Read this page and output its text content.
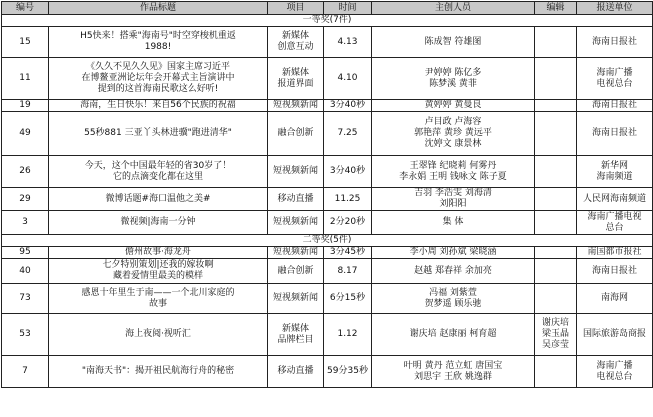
编号	作品标题	项目	时间	主创人员	编辑	报送单位
一等奖(7件)						
15	H5快来！搭乘"海南号"时空穿梭机重返
1988!	新媒体
创意互动	4.13	陈成智 符雄图		海南日报社

11	《久久不见久久见》国家主席习近平
在博鳌亚洲论坛年会开幕式主旨演讲中
提到的这首海南民歌这么好听!	新媒体
报道界面	4.10	尹婷婷 陈亿多
陈梦溪 黄菲		海南广播
电视总台

19	海南，生日快乐！来自56个民族的祝福	短视频新闻	3分40秒	黄婷婷 黄曼良		海南日报社

49	55秒881 三亚丫头林进骥"跑进清华"	融合创新	7.25	卢目政 卢海容
郭艳萍 黄珍 黄远平
沈婷文 康景林		海南日报社

26	今天，这个中国最年轻的省30岁了！
它的点滴变化都在这里	短视频新闻	3分40秒	王翠锋 纪晓莉 何雾丹
李永娟 王明 钱咏文 陈子夏		新华网
海南频道

29	微博话题#海口温他之美#	移动直播	11.25	吉羽 李浩雯 刘海清
刘阳阳		人民网海南频道

3	微视频|海南一分钟	短视频新闻	2分20秒	集 体		海南广播电视
总台

二等奖(5件)						
95	儋州故事·海龙舟	短视频新闻	3分45秒	李小周 刘孙斌 梁晓涵		南国都市报社

40	七夕特别策划|还我的嫁妆啊
藏着爱情里最美的模样	融合创新	8.17	赵越 郑春祥 余加亮		海南日报社

73	感恩十年里生于南——一个北川家庭的
故事	短视频新闻	6分15秒	冯福 刘紫萱
贺梦遥 顾乐驰		南海网

53	海上夜阅·视听汇	新媒体
品牌栏目	1.12	谢庆培 赵康丽 柯育超	谢庆培 梁玉晶 吴彦莹	国际旅游岛商报

7	"南海天书"：揭开祖民航海行舟的秘密	移动直播	59分35秒	叶明 黄丹 范立虹 唐国宝
刘思宇 王欣 姚逸群		海南广播
电视总台
